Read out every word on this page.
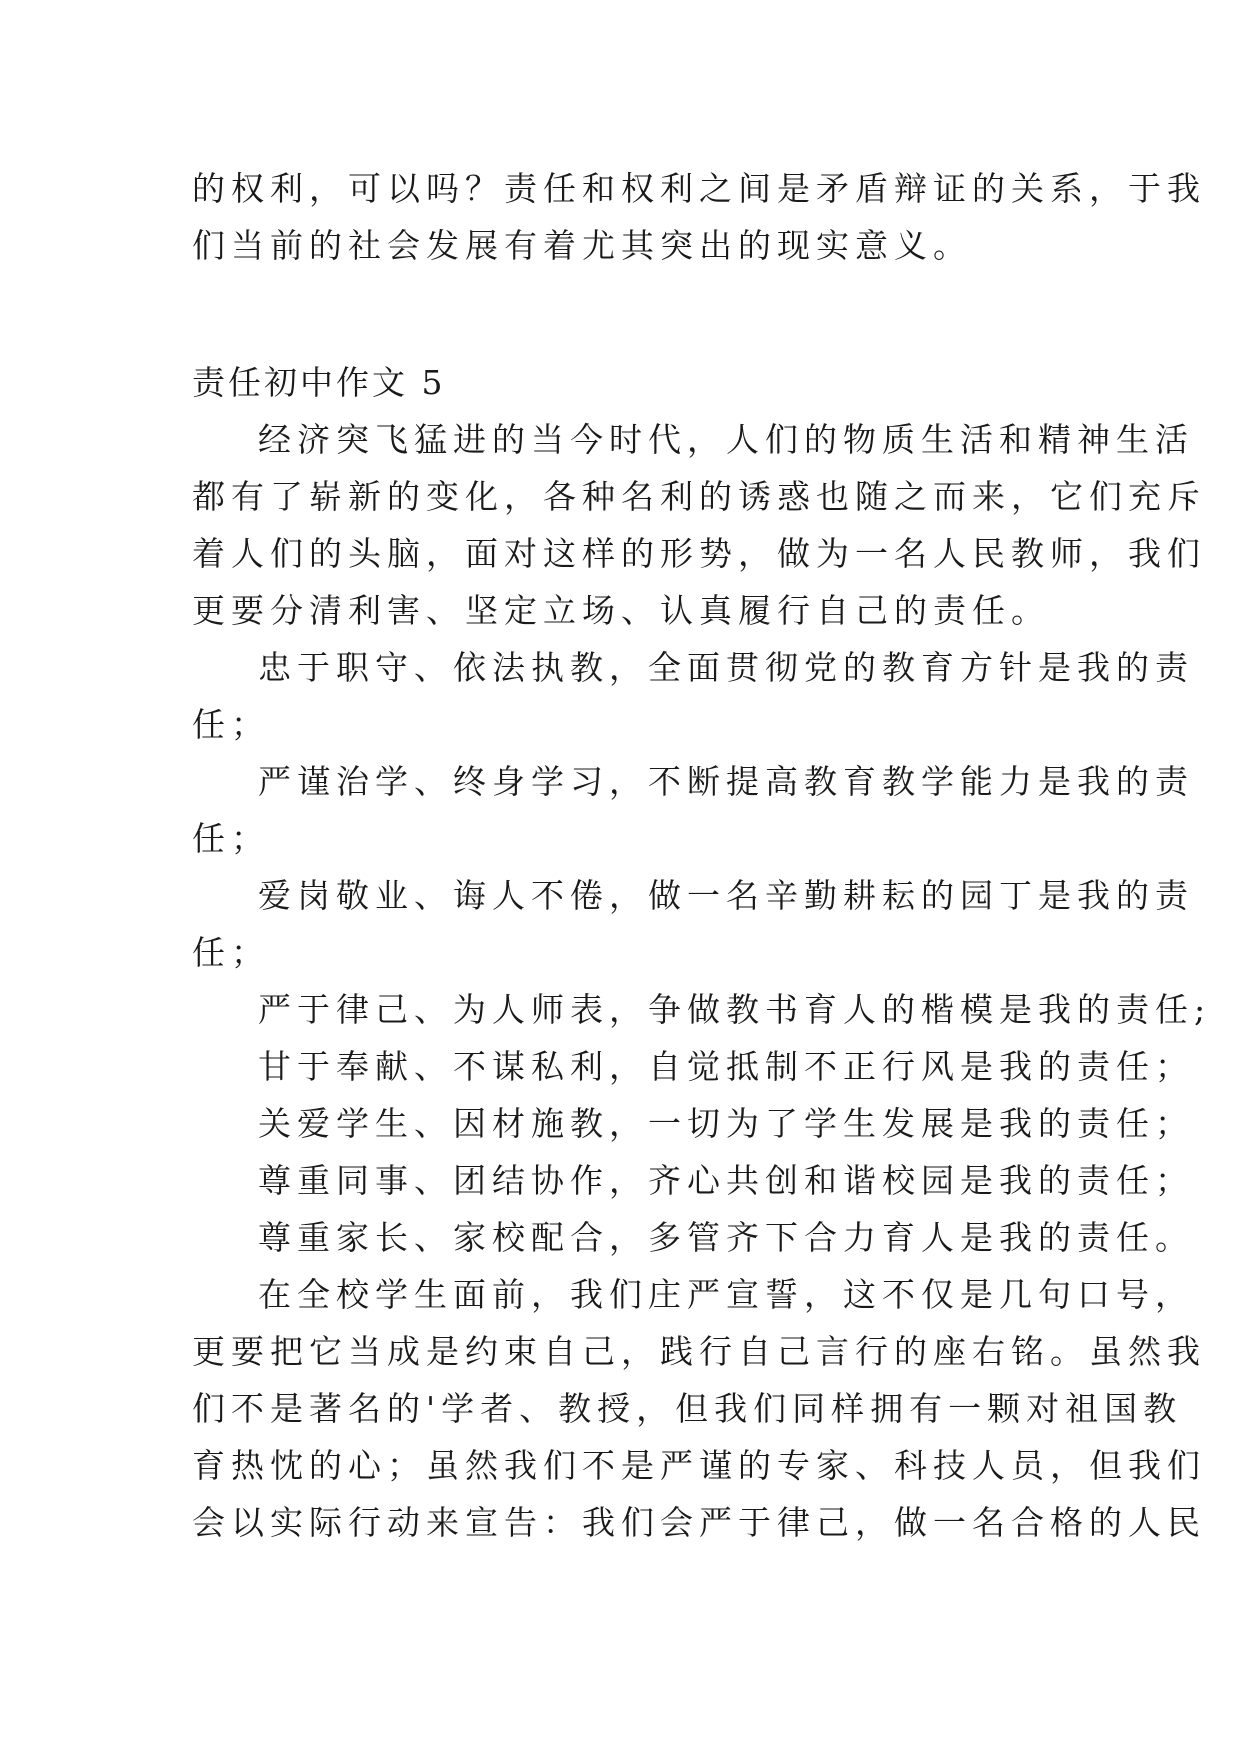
的权利，可以吗？责任和权利之间是矛盾辩证的关系，于我
们当前的社会发展有着尤其突出的现实意义。
责任初中作文 5
经济突飞猛进的当今时代，人们的物质生活和精神生活
都有了崭新的变化，各种名利的诱惑也随之而来，它们充斥
着人们的头脑，面对这样的形势，做为一名人民教师，我们
更要分清利害、坚定立场、认真履行自己的责任。
忠于职守、依法执教，全面贯彻党的教育方针是我的责
任；
严谨治学、终身学习，不断提高教育教学能力是我的责
任；
爱岗敬业、诲人不倦，做一名辛勤耕耘的园丁是我的责
任；
严于律己、为人师表，争做教书育人的楷模是我的责任;
甘于奉献、不谋私利，自觉抵制不正行风是我的责任；
关爱学生、因材施教，一切为了学生发展是我的责任；
尊重同事、团结协作，齐心共创和谐校园是我的责任；
尊重家长、家校配合，多管齐下合力育人是我的责任。
在全校学生面前，我们庄严宣誓，这不仅是几句口号，
更要把它当成是约束自己，践行自己言行的座右铭。虽然我
们不是著名的'学者、教授，但我们同样拥有一颗对祖国教
育热忱的心；虽然我们不是严谨的专家、科技人员，但我们
会以实际行动来宣告：我们会严于律己，做一名合格的人民
